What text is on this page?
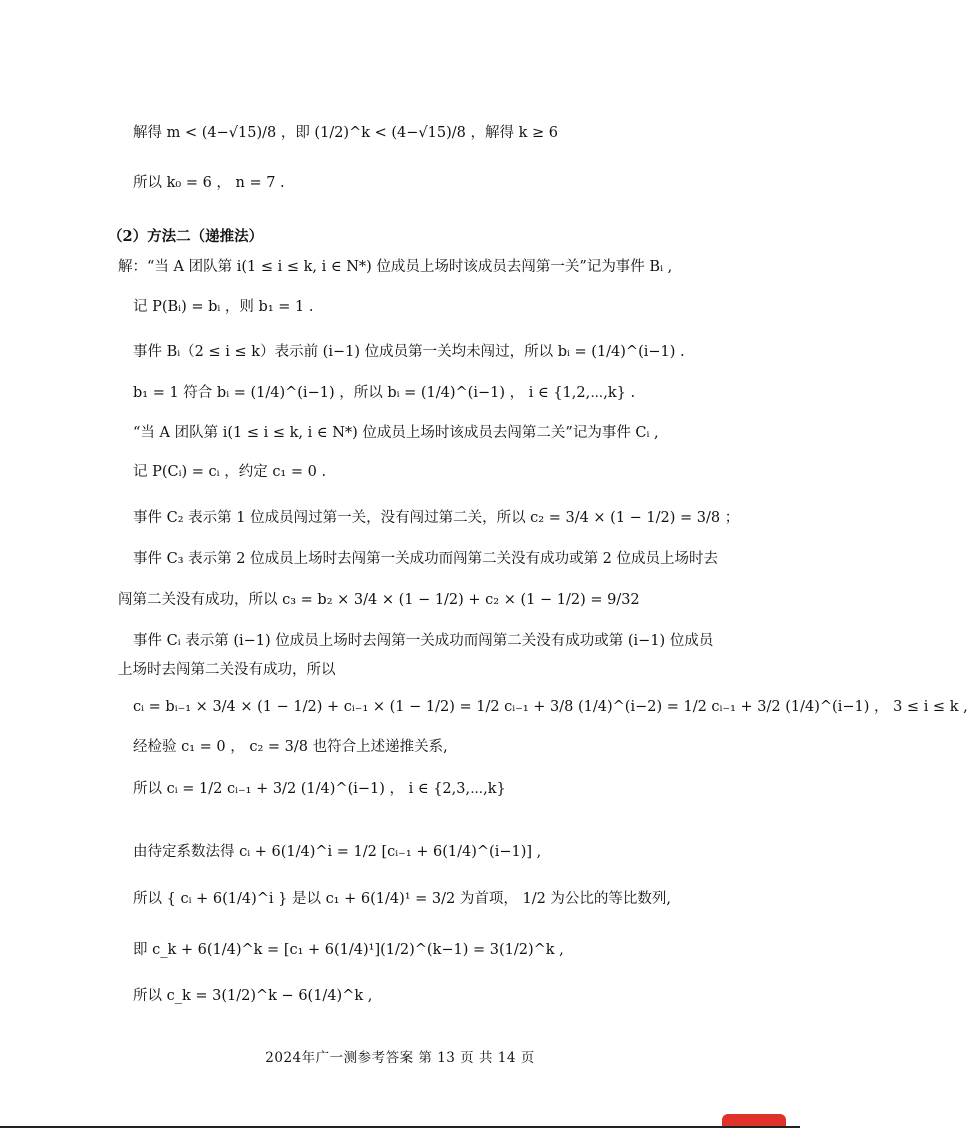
解得 m < (4−√15)/8 ，即 (1/2)^k < (4−√15)/8 ，解得 k ≥ 6
所以 k₀ = 6 ， n = 7 .
（2）方法二（递推法）
解：“当 A 团队第 i(1 ≤ i ≤ k, i ∈ N*) 位成员上场时该成员去闯第一关”记为事件 Bᵢ ,
记 P(Bᵢ) = bᵢ ，则 b₁ = 1 .
事件 Bᵢ（2 ≤ i ≤ k）表示前 (i−1) 位成员第一关均未闯过，所以 bᵢ = (1/4)^(i−1) .
b₁ = 1 符合 bᵢ = (1/4)^(i−1) ，所以 bᵢ = (1/4)^(i−1) ， i ∈ {1,2,⋯,k} .
“当 A 团队第 i(1 ≤ i ≤ k, i ∈ N*) 位成员上场时该成员去闯第二关”记为事件 Cᵢ ,
记 P(Cᵢ) = cᵢ ，约定 c₁ = 0 .
事件 C₂ 表示第 1 位成员闯过第一关，没有闯过第二关，所以 c₂ = 3/4 × (1 − 1/2) = 3/8 ；
事件 C₃ 表示第 2 位成员上场时去闯第一关成功而闯第二关没有成功或第 2 位成员上场时去
闯第二关没有成功，所以 c₃ = b₂ × 3/4 × (1 − 1/2) + c₂ × (1 − 1/2) = 9/32
事件 Cᵢ 表示第 (i−1) 位成员上场时去闯第一关成功而闯第二关没有成功或第 (i−1) 位成员
上场时去闯第二关没有成功，所以
cᵢ = bᵢ₋₁ × 3/4 × (1 − 1/2) + cᵢ₋₁ × (1 − 1/2) = 1/2 cᵢ₋₁ + 3/8 (1/4)^(i−2) = 1/2 cᵢ₋₁ + 3/2 (1/4)^(i−1) ， 3 ≤ i ≤ k ,
经检验 c₁ = 0 ， c₂ = 3/8 也符合上述递推关系,
所以 cᵢ = 1/2 cᵢ₋₁ + 3/2 (1/4)^(i−1) ， i ∈ {2,3,⋯,k}
由待定系数法得 cᵢ + 6(1/4)^i = 1/2 [cᵢ₋₁ + 6(1/4)^(i−1)] ,
所以 { cᵢ + 6(1/4)^i } 是以 c₁ + 6(1/4)¹ = 3/2 为首项， 1/2 为公比的等比数列,
即 c_k + 6(1/4)^k = [c₁ + 6(1/4)¹](1/2)^(k−1) = 3(1/2)^k ,
所以 c_k = 3(1/2)^k − 6(1/4)^k ,
2024年广一测参考答案 第 13 页 共 14 页
